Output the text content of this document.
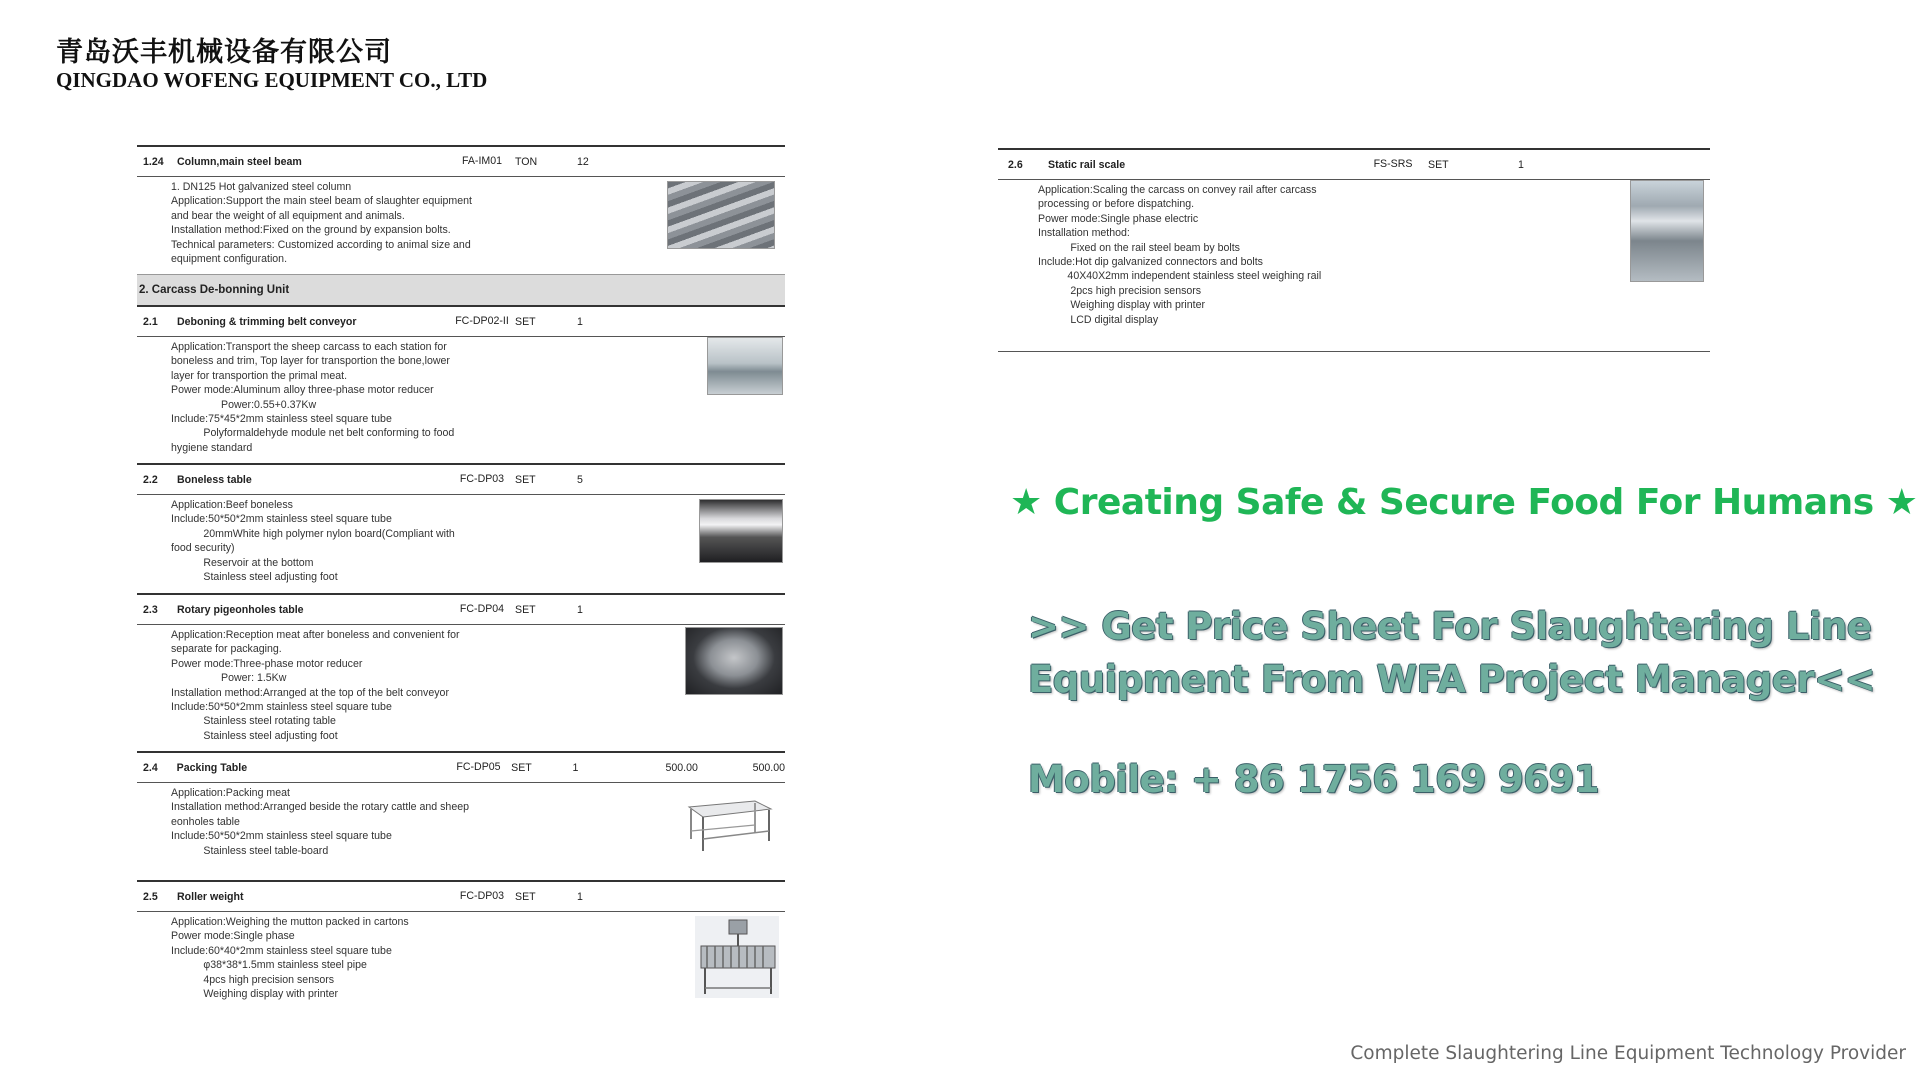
青岛沃丰机械设备有限公司
QINGDAO WOFENG EQUIPMENT CO., LTD
1.24	Column,main steel beam	FA-IM01	TON	12
1. DN125 Hot galvanized steel column
Application:Support the main steel beam of slaughter equipment
and bear the weight of all equipment and animals.
Installation method:Fixed on the ground by expansion bolts.
Technical parameters: Customized according to animal size and
equipment configuration.
2. Carcass De-bonning Unit
2.1	Deboning & trimming belt conveyor	FC-DP02-II SET	1
Application:Transport the sheep carcass to each station for
boneless and trim, Top layer for transportion the bone,lower
layer for transportion the primal meat.
Power mode:Aluminum alloy three-phase motor reducer
Power:0.55+0.37Kw
Include:75*45*2mm stainless steel square tube
Polyformaldehyde module net belt conforming to food
hygiene standard
2.2	Boneless table	FC-DP03	SET	5
Application:Beef boneless
Include:50*50*2mm stainless steel square tube
20mmWhite high polymer nylon board(Compliant with
food security)
Reservoir at the bottom
Stainless steel adjusting foot
2.3	Rotary pigeonholes table	FC-DP04	SET	1
Application:Reception meat after boneless and convenient for
separate for packaging.
Power mode:Three-phase motor reducer
Power: 1.5Kw
Installation method:Arranged at the top of the belt conveyor
Include:50*50*2mm stainless steel square tube
Stainless steel rotating table
Stainless steel adjusting foot
2.4	Packing Table	FC-DP05 SET	1	500.00	500.00
Application:Packing meat
Installation method:Arranged beside the rotary cattle and sheep
eonholes table
Include:50*50*2mm stainless steel square tube
Stainless steel table-board
2.5	Roller weight	FC-DP03	SET	1
Application:Weighing the mutton packed in cartons
Power mode:Single phase
Include:60*40*2mm stainless steel square tube
φ38*38*1.5mm stainless steel pipe
4pcs high precision sensors
Weighing display with printer
2.6	Static rail scale	FS-SRS	SET	1
Application:Scaling the carcass on convey rail after carcass
processing or before dispatching.
Power mode:Single phase electric
Installation method:
Fixed on the rail steel beam by bolts
Include:Hot dip galvanized connectors and bolts
40X40X2mm independent stainless steel weighing rail
2pcs high precision sensors
Weighing display with printer
LCD digital display
★ Creating Safe & Secure Food For Humans ★
>> Get Price Sheet For Slaughtering Line
Equipment From WFA Project Manager<<
Mobile: + 86 1756 169 9691
Complete Slaughtering Line Equipment Technology Provider
